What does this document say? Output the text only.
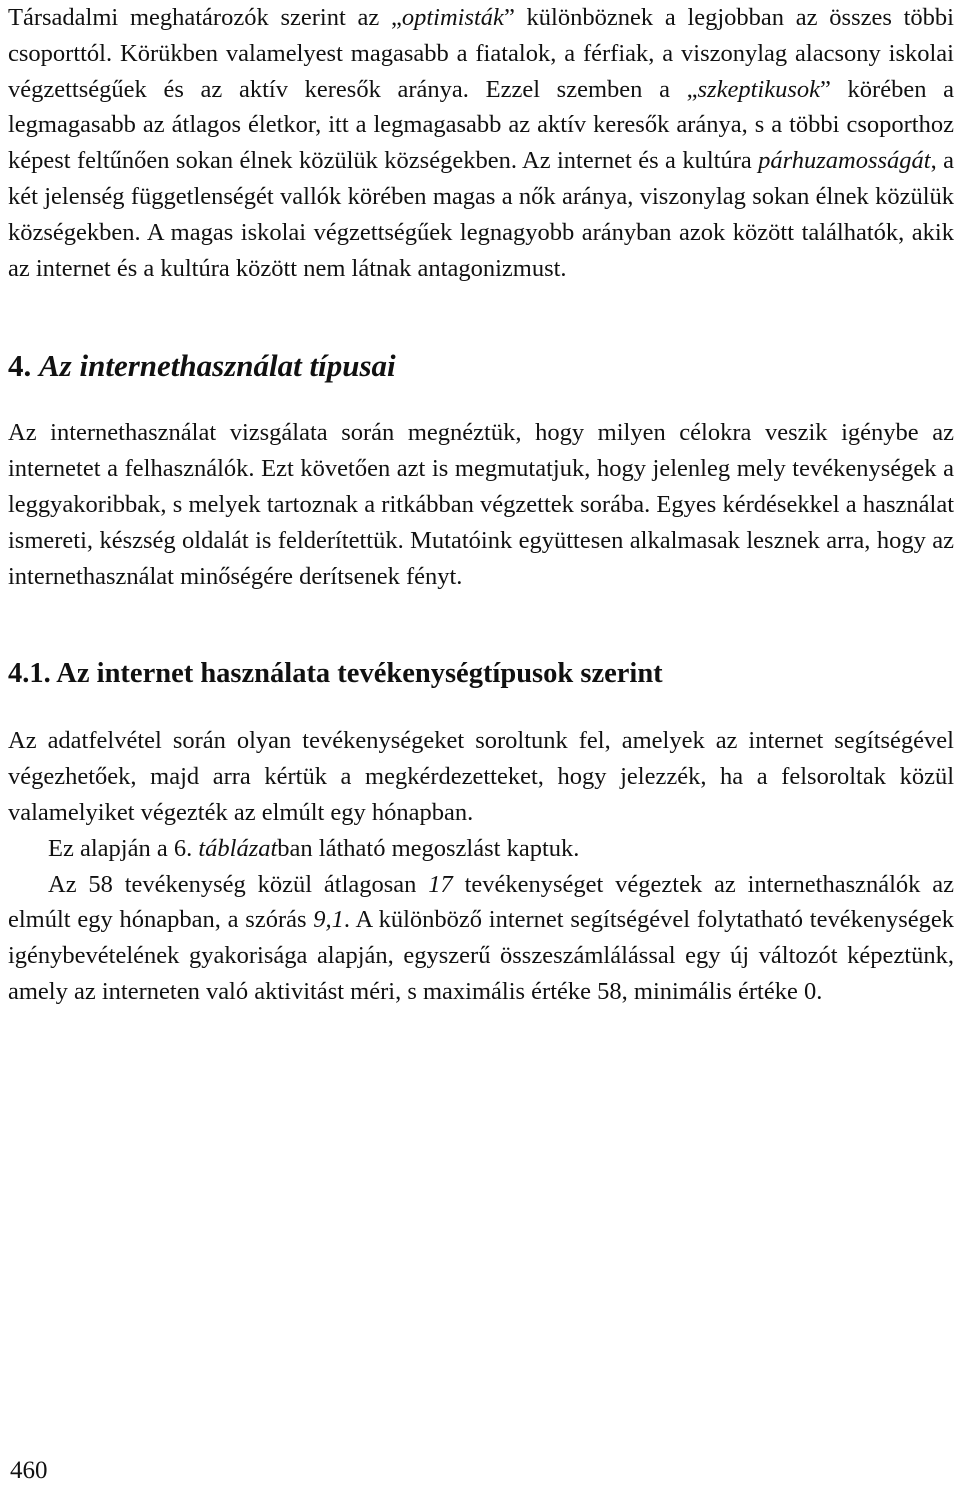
Társadalmi meghatározók szerint az „optimisták” különböznek a legjobban az összes többi csoporttól. Körükben valamelyest magasabb a fiatalok, a férfiak, a viszonylag alacsony iskolai végzettségűek és az aktív keresők aránya. Ezzel szemben a „szkeptikusok” körében a legmagasabb az átlagos életkor, itt a legmagasabb az aktív keresők aránya, s a többi csoporthoz képest feltűnően sokan élnek közülük községekben. Az internet és a kultúra párhuzamosságát, a két jelenség függetlenségét vallók körében magas a nők aránya, viszonylag sokan élnek közülük községekben. A magas iskolai végzettségűek legnagyobb arányban azok között találhatók, akik az internet és a kultúra között nem látnak antagonizmust.

4. Az internethasználat típusai

Az internethasználat vizsgálata során megnéztük, hogy milyen célokra veszik igénybe az internetet a felhasználók. Ezt követően azt is megmutatjuk, hogy jelenleg mely tevékenységek a leggyakoribbak, s melyek tartoznak a ritkábban végzettek sorába. Egyes kérdésekkel a használat ismereti, készség oldalát is felderítettük. Mutatóink együttesen alkalmasak lesznek arra, hogy az internethasználat minőségére derítsenek fényt.

4.1. Az internet használata tevékenységtípusok szerint

Az adatfelvétel során olyan tevékenységeket soroltunk fel, amelyek az internet segítségével végezhetőek, majd arra kértük a megkérdezetteket, hogy jelezzék, ha a felsoroltak közül valamelyiket végezték az elmúlt egy hónapban.

Ez alapján a 6. táblázatban látható megoszlást kaptuk.

Az 58 tevékenység közül átlagosan 17 tevékenységet végeztek az internethasználók az elmúlt egy hónapban, a szórás 9,1. A különböző internet segítségével folytatható tevékenységek igénybevételének gyakorisága alapján, egyszerű összeszámlálással egy új változót képeztünk, amely az interneten való aktivitást méri, s maximális értéke 58, minimális értéke 0.

460
